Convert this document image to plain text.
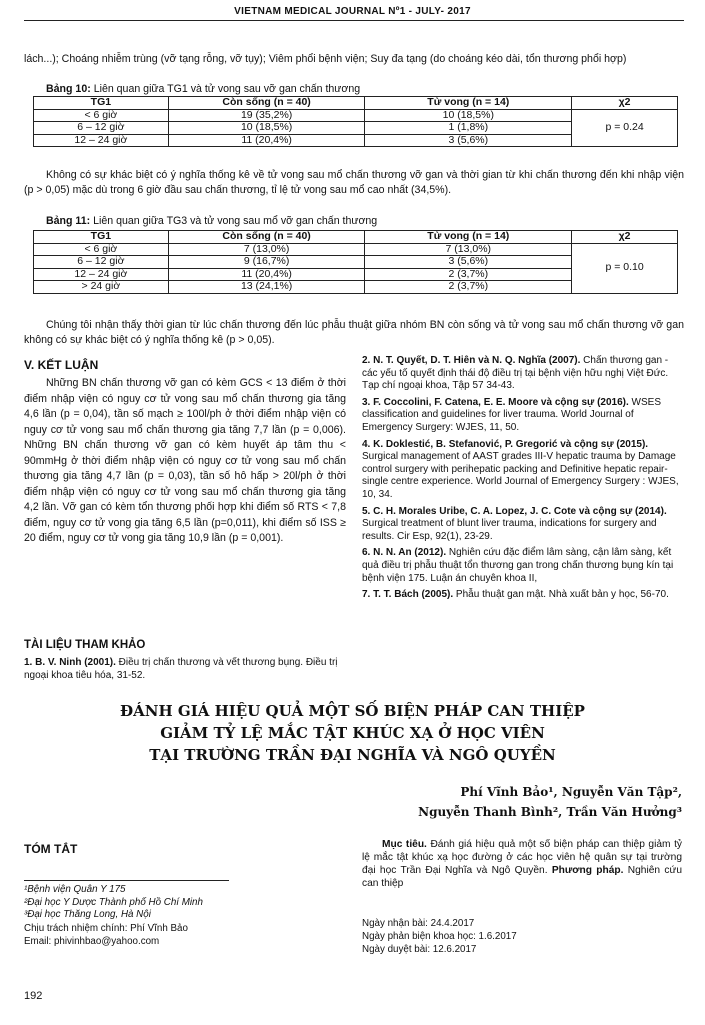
VIETNAM MEDICAL JOURNAL Nº1 - JULY- 2017

lách...); Choáng nhiễm trùng (vỡ tạng rỗng, vỡ tụy); Viêm phổi bệnh viện; Suy đa tạng (do choáng kéo dài, tổn thương phổi hợp)

Bảng 10: Liên quan giữa TG1 và tử vong sau vỡ gan chấn thương
TG1	Còn sống (n = 40)	Tử vong (n = 14)	χ2
< 6 giờ	19 (35,2%)	10 (18,5%)	p = 0.24
6 – 12 giờ	10 (18,5%)	1 (1,8%)	
12 – 24 giờ	11 (20,4%)	3 (5,6%)	

Không có sự khác biệt có ý nghĩa thống kê về tử vong sau mổ chấn thương vỡ gan và thời gian từ khi chấn thương đến khi nhập viện (p > 0,05) mặc dù trong 6 giờ đầu sau chấn thương, tỉ lệ tử vong sau mổ cao nhất (34,5%).

Bảng 11: Liên quan giữa TG3 và tử vong sau mổ vỡ gan chấn thương
TG1	Còn sống (n = 40)	Tử vong (n = 14)	χ2
< 6 giờ	7 (13,0%)	7 (13,0%)	p = 0.10
6 – 12 giờ	9 (16,7%)	3 (5,6%)	
12 – 24 giờ	11 (20,4%)	2 (3,7%)	
> 24 giờ	13 (24,1%)	2 (3,7%)	

Chúng tôi nhận thấy thời gian từ lúc chấn thương đến lúc phẫu thuật giữa nhóm BN còn sống và tử vong sau mổ chấn thương vỡ gan không có sự khác biệt có ý nghĩa thống kê (p > 0,05).

V. KẾT LUẬN

Những BN chấn thương vỡ gan có kèm GCS < 13 điểm ở thời điểm nhập viện có nguy cơ tử vong sau mổ chấn thương gia tăng 4,6 lần (p = 0,04), tần số mạch ≥ 100l/ph ở thời điểm nhập viện có nguy cơ tử vong sau mổ chấn thương gia tăng 7,7 lần (p = 0,006). Những BN chấn thương vỡ gan có kèm huyết áp tâm thu < 90mmHg ở thời điểm nhập viện có nguy cơ tử vong sau mổ chấn thương gia tăng 4,7 lần (p = 0,03), tần số hô hấp > 20l/ph ở thời điểm nhập viện có nguy cơ tử vong sau mổ chấn thương gia tăng 4,2 lần. Vỡ gan có kèm tổn thương phối hợp khi điểm số RTS < 7,8 điểm, nguy cơ tử vong gia tăng 6,5 lần (p=0,011), khi điểm số ISS ≥ 20 điểm, nguy cơ tử vong gia tăng 10,9 lần (p = 0,001).

TÀI LIỆU THAM KHẢO

1. B. V. Ninh (2001). Điều trị chấn thương và vết thương bụng. Điều trị ngoại khoa tiêu hóa, 31-52.

2. N. T. Quyết, D. T. Hiên và N. Q. Nghĩa (2007). Chấn thương gan - các yếu tố quyết định thái độ điều trị tại bệnh viện hữu nghị Việt Đức. Tạp chí ngoại khoa, Tập 57 34-43.

3. F. Coccolini, F. Catena, E. E. Moore và cộng sự (2016). WSES classification and guidelines for liver trauma. World Journal of Emergency Surgery: WJES, 11, 50.

4. K. Doklestić, B. Stefanović, P. Gregorić và cộng sự (2015). Surgical management of AAST grades III-V hepatic trauma by Damage control surgery with perihepatic packing and Definitive hepatic repair-single centre experience. World Journal of Emergency Surgery : WJES, 10, 34.

5. C. H. Morales Uribe, C. A. Lopez, J. C. Cote và cộng sự (2014). Surgical treatment of blunt liver trauma, indications for surgery and results. Cir Esp, 92(1), 23-29.

6. N. N. An (2012). Nghiên cứu đặc điểm lâm sàng, cận lâm sàng, kết quả điều trị phẫu thuật tổn thương gan trong chấn thương bụng kín tại bệnh viện 175. Luận án chuyên khoa II,

7. T. T. Bách (2005). Phẫu thuật gan mật. Nhà xuất bản y học, 56-70.

ĐÁNH GIÁ HIỆU QUẢ MỘT SỐ BIỆN PHÁP CAN THIỆP
GIẢM TỶ LỆ MẮC TẬT KHÚC XẠ Ở HỌC VIÊN
TẠI TRƯỜNG TRẦN ĐẠI NGHĨA VÀ NGÔ QUYỀN
Phí Vĩnh Bảo¹, Nguyễn Văn Tập²,
Nguyễn Thanh Bình², Trần Văn Hưởng³
TÓM TẮT	Mục tiêu. Đánh giá hiệu quả một số biện pháp can thiệp giảm tỷ lệ mắc tật khúc xạ học đường ở các học viên hệ quân sự tại trường đại học Trần Đại Nghĩa và Ngô Quyền. Phương pháp. Nghiên cứu can thiệp

¹Bệnh viện Quân Y 175
²Đại học Y Dược Thành phố Hồ Chí Minh
³Đại học Thăng Long, Hà Nội
Chịu trách nhiệm chính: Phí Vĩnh Bảo
Email: phivinhbao@yahoo.com
Ngày nhận bài: 24.4.2017
Ngày phản biện khoa học: 1.6.2017
Ngày duyệt bài: 12.6.2017
192
